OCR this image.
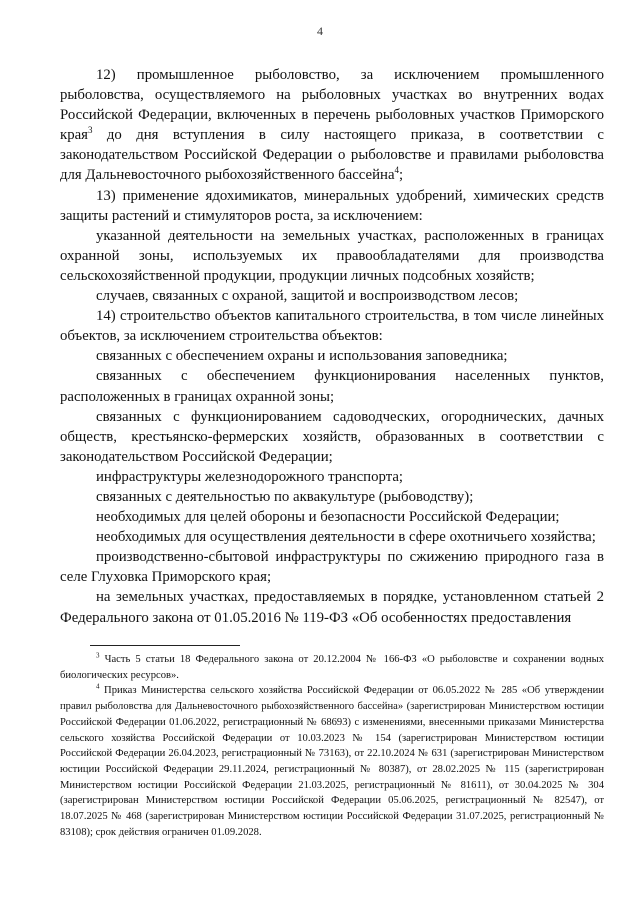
4

12) промышленное рыболовство, за исключением промышленного рыболовства, осуществляемого на рыболовных участках во внутренних водах Российской Федерации, включенных в перечень рыболовных участков Приморского края$^3$ до дня вступления в силу настоящего приказа, в соответствии с законодательством Российской Федерации о рыболовстве и правилами рыболовства для Дальневосточного рыбохозяйственного бассейна$^4$;

13) применение ядохимикатов, минеральных удобрений, химических средств защиты растений и стимуляторов роста, за исключением:

указанной деятельности на земельных участках, расположенных в границах охранной зоны, используемых их правообладателями для производства сельскохозяйственной продукции, продукции личных подсобных хозяйств;

случаев, связанных с охраной, защитой и воспроизводством лесов;

14) строительство объектов капитального строительства, в том числе линейных объектов, за исключением строительства объектов:

связанных с обеспечением охраны и использования заповедника;

связанных с обеспечением функционирования населенных пунктов, расположенных в границах охранной зоны;

связанных с функционированием садоводческих, огороднических, дачных обществ, крестьянско-фермерских хозяйств, образованных в соответствии с законодательством Российской Федерации;

инфраструктуры железнодорожного транспорта;

связанных с деятельностью по аквакультуре (рыбоводству);

необходимых для целей обороны и безопасности Российской Федерации;

необходимых для осуществления деятельности в сфере охотничьего хозяйства;

производственно-сбытовой инфраструктуры по сжижению природного газа в селе Глуховка Приморского края;

на земельных участках, предоставляемых в порядке, установленном статьей 2 Федерального закона от 01.05.2016 № 119-ФЗ «Об особенностях предоставления

$^3$ Часть 5 статьи 18 Федерального закона от 20.12.2004 № 166-ФЗ «О рыболовстве и сохранении водных биологических ресурсов».

$^4$ Приказ Министерства сельского хозяйства Российской Федерации от 06.05.2022 № 285 «Об утверждении правил рыболовства для Дальневосточного рыбохозяйственного бассейна» (зарегистрирован Министерством юстиции Российской Федерации 01.06.2022, регистрационный № 68693) с изменениями, внесенными приказами Министерства сельского хозяйства Российской Федерации от 10.03.2023 № 154 (зарегистрирован Министерством юстиции Российской Федерации 26.04.2023, регистрационный № 73163), от 22.10.2024 № 631 (зарегистрирован Министерством юстиции Российской Федерации 29.11.2024, регистрационный № 80387), от 28.02.2025 № 115 (зарегистрирован Министерством юстиции Российской Федерации 21.03.2025, регистрационный № 81611), от 30.04.2025 № 304 (зарегистрирован Министерством юстиции Российской Федерации 05.06.2025, регистрационный № 82547), от 18.07.2025 № 468 (зарегистрирован Министерством юстиции Российской Федерации 31.07.2025, регистрационный № 83108); срок действия ограничен 01.09.2028.
